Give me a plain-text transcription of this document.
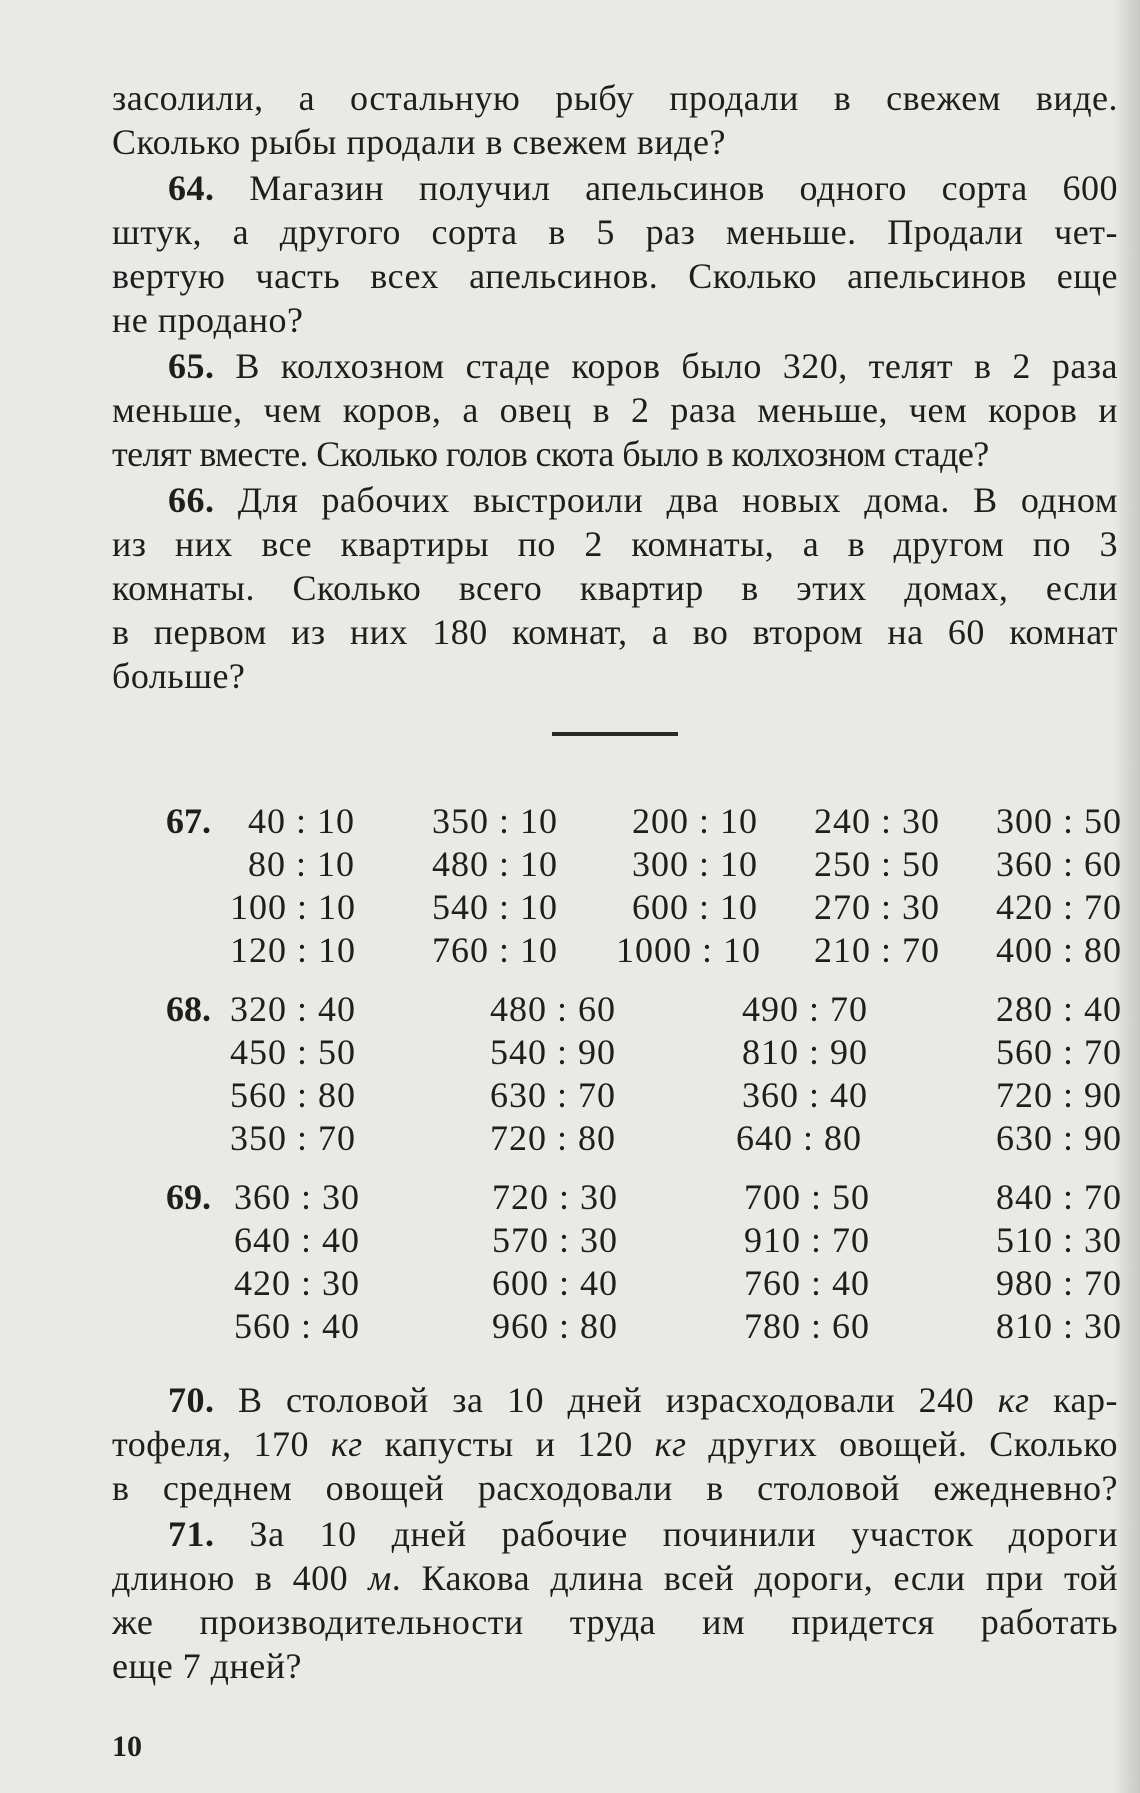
засолили, а остальную рыбу продали в свежем виде.
Сколько рыбы продали в свежем виде?

64. Магазин получил апельсинов одного сорта 600
штук, а другого сорта в 5 раз меньше. Продали чет-
вертую часть всех апельсинов. Сколько апельсинов еще
не продано?

65. В колхозном стаде коров было 320, телят в 2 раза
меньше, чем коров, а овец в 2 раза меньше, чем коров и
телят вместе. Сколько голов скота было в колхозном стаде?

66. Для рабочих выстроили два новых дома. В одном
из них все квартиры по 2 комнаты, а в другом по 3
комнаты. Сколько всего квартир в этих домах, если
в первом из них 180 комнат, а во втором на 60 комнат
больше?

67. 40 : 10
80 : 10
100 : 10
120 : 10
350 : 10
480 : 10
540 : 10
760 : 10
200 : 10
300 : 10
600 : 10
1000 : 10
240 : 30
250 : 50
270 : 30
210 : 70
300 : 50
360 : 60
420 : 70
400 : 80
68. 320 : 40
450 : 50
560 : 80
350 : 70
480 : 60
540 : 90
630 : 70
720 : 80
490 : 70
810 : 90
360 : 40
640 : 80
280 : 40
560 : 70
720 : 90
630 : 90
69. 360 : 30
640 : 40
420 : 30
560 : 40
720 : 30
570 : 30
600 : 40
960 : 80
700 : 50
910 : 70
760 : 40
780 : 60
840 : 70
510 : 30
980 : 70
810 : 30

70. В столовой за 10 дней израсходовали 240 кг кар-
тофеля, 170 кг капусты и 120 кг других овощей. Сколько
в среднем овощей расходовали в столовой ежедневно?

71. За 10 дней рабочие починили участок дороги
длиною в 400 м. Какова длина всей дороги, если при той
же производительности труда им придется работать
еще 7 дней?

10
